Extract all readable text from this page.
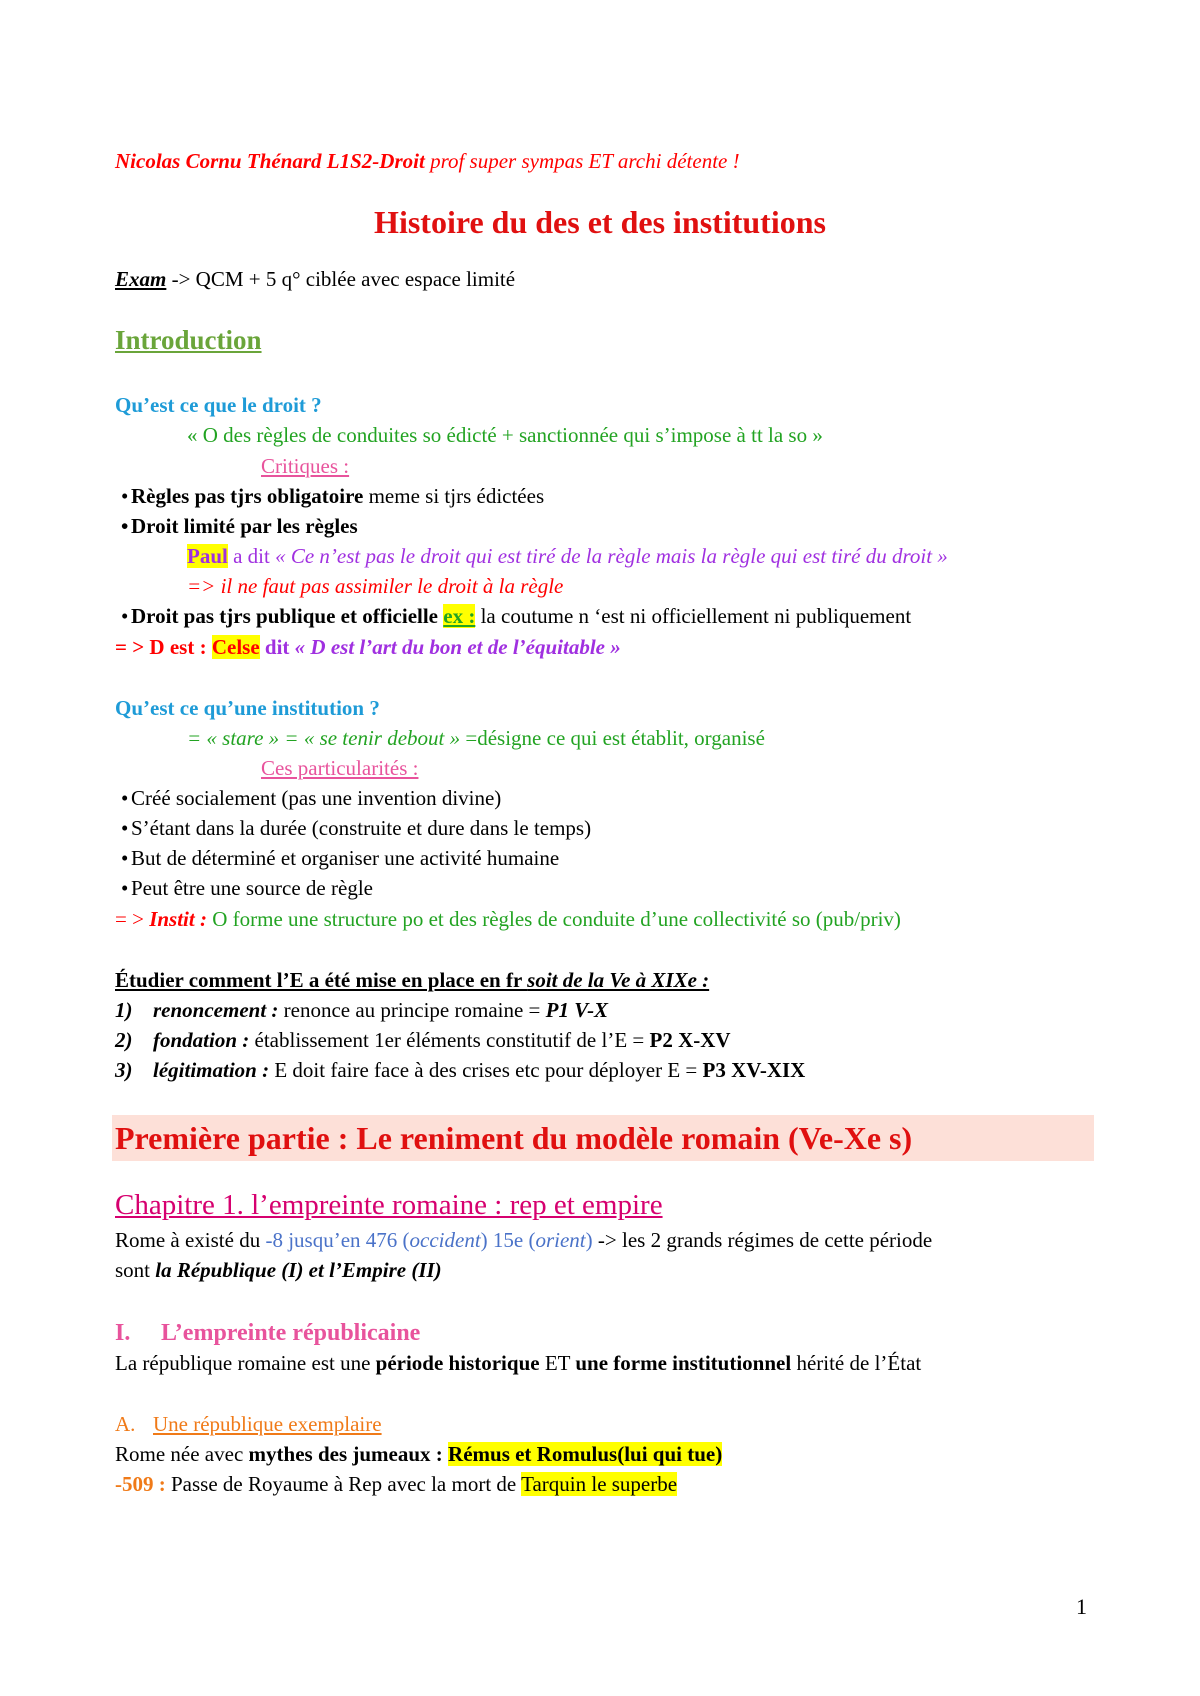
Nicolas Cornu Thénard L1S2-Droit prof super sympas ET archi détente !
Histoire du des et des institutions
Exam -> QCM + 5 q° ciblée avec espace limité
Introduction
Qu’est ce que le droit ?
« O des règles de conduites so édicté + sanctionnée qui s’impose à tt la so »
Critiques :
• Règles pas tjrs obligatoire meme si tjrs édictées
• Droit limité par les règles
Paul a dit « Ce n’est pas le droit qui est tiré de la règle mais la règle qui est tiré du droit »
=> il ne faut pas assimiler le droit à la règle
• Droit pas tjrs publique et officielle ex : la coutume n ‘est ni officiellement ni publiquement
= > D est : Celse dit « D est l’art du bon et de l’équitable »
Qu’est ce qu’une institution ?
= « stare » = « se tenir debout » =désigne ce qui est établit, organisé
Ces particularités :
• Créé socialement (pas une invention divine)
• S’étant dans la durée (construite et dure dans le temps)
• But de déterminé et organiser une activité humaine
• Peut être une source de règle
= > Instit : O forme une structure po et des règles de conduite d’une collectivité so (pub/priv)
Étudier comment l’E a été mise en place en fr soit de la Ve à XIXe :
1) renoncement : renonce au principe romaine = P1 V-X
2) fondation : établissement 1er éléments constitutif de l’E = P2 X-XV
3) légitimation : E doit faire face à des crises etc pour déployer E = P3 XV-XIX
Première partie : Le reniment du modèle romain (Ve-Xe s)
Chapitre 1. l’empreinte romaine : rep et empire
Rome à existé du -8 jusqu’en 476 (occident) 15e (orient) -> les 2 grands régimes de cette période
sont la République (I) et l’Empire (II)
I. L’empreinte républicaine
La république romaine est une période historique ET une forme institutionnel hérité de l’État
A. Une république exemplaire
Rome née avec mythes des jumeaux : Rémus et Romulus(lui qui tue)
-509 : Passe de Royaume à Rep avec la mort de Tarquin le superbe
1
